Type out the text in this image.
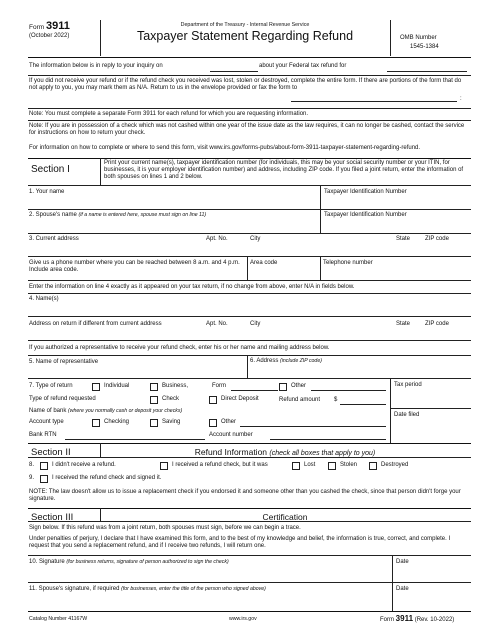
Form 3911
(October 2022)
Department of the Treasury - Internal Revenue Service
Taxpayer Statement Regarding Refund	OMB Number
1545-1384
The information below is in reply to your inquiry on	about your Federal tax refund for
If you did not receive your refund or if the refund check you received was lost, stolen or destroyed, complete the entire form. If there are portions of the form that do not apply to you, you may mark them as N/A. Return to us in the envelope provided or fax the form to
:
Note: You must complete a separate Form 3911 for each refund for which you are requesting information.
Note: If you are in possession of a check which was not cashed within one year of the issue date as the law requires, it can no longer be cashed, contact the service for instructions on how to return your check.
For information on how to complete or where to send this form, visit www.irs.gov/forms-pubs/about-form-3911-taxpayer-statement-regarding-refund.
Section I
Print your current name(s), taxpayer identification number (for individuals, this may be your social security number or your ITIN, for businesses, it is your employer identification number) and address, including ZIP code. If you filed a joint return, enter the information of both spouses on lines 1 and 2 below.
1. Your name	Taxpayer Identification Number
2. Spouse's name (if a name is entered here, spouse must sign on line 11)	Taxpayer Identification Number
3. Current address	Apt. No.	City	State ZIP code
Give us a phone number where you can be reached between 8 a.m. and 4 p.m. Include area code.
Area code	Telephone number
Enter the information on line 4 exactly as it appeared on your tax return, if no change from above, enter N/A in fields below.
4. Name(s)
Address on return if different from current address	Apt. No.	City	State ZIP code
If you authorized a representative to receive your refund check, enter his or her name and mailing address below.
5. Name of representative	6. Address (include ZIP code)
7. Type of return	Individual	Business,	Form	Other	Tax period
Type of refund requested	Check	Direct Deposit	Refund amount $
Name of bank (where you normally cash or deposit your checks)
Date filed
Account type	Checking	Saving	Other
Bank RTN	Account number
Section II	Refund Information (check all boxes that apply to you)
8.	I didn't receive a refund.	I received a refund check, but it was	Lost	Stolen	Destroyed
9.	I received the refund check and signed it.
NOTE: The law doesn't allow us to issue a replacement check if you endorsed it and someone other than you cashed the check, since that person didn't forge your signature.
Section III	Certification
Sign below. If this refund was from a joint return, both spouses must sign, before we can begin a trace.
Under penalties of perjury, I declare that I have examined this form, and to the best of my knowledge and belief, the information is true, correct, and complete. I request that you send a replacement refund, and if I receive two refunds, I will return one.
10. Signature (for business returns, signature of person authorized to sign the check)	Date
11. Spouse's signature, if required (for businesses, enter the title of the person who signed above)	Date
Catalog Number 41167W	www.irs.gov	Form 3911 (Rev. 10-2022)
